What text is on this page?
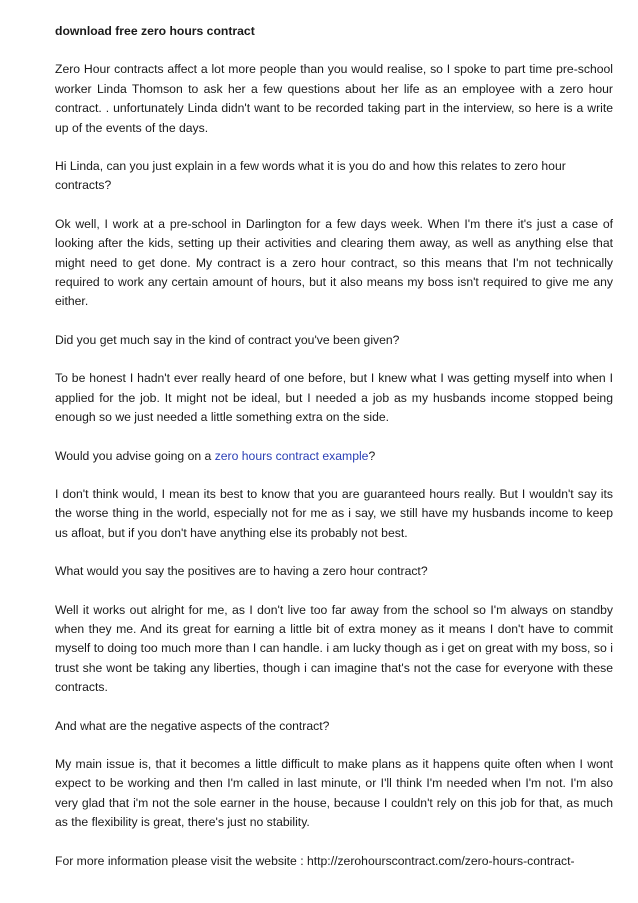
download free zero hours contract

Zero Hour contracts affect a lot more people than you would realise, so I spoke to part time pre-school worker Linda Thomson to ask her a few questions about her life as an employee with a zero hour contract. . unfortunately Linda didn't want to be recorded taking part in the interview, so here is a write up of the events of the days.

Hi Linda, can you just explain in a few words what it is you do and how this relates to zero hour contracts?

Ok well, I work at a pre-school in Darlington for a few days week. When I'm there it's just a case of looking after the kids, setting up their activities and clearing them away, as well as anything else that might need to get done. My contract is a zero hour contract, so this means that I'm not technically required to work any certain amount of hours, but it also means my boss isn't required to give me any either.

Did you get much say in the kind of contract you've been given?

To be honest I hadn't ever really heard of one before, but I knew what I was getting myself into when I applied for the job. It might not be ideal, but I needed a job as my husbands income stopped being enough so we just needed a little something extra on the side.

Would you advise going on a zero hours contract example?

I don't think would, I mean its best to know that you are guaranteed hours really. But I wouldn't say its the worse thing in the world, especially not for me as i say, we still have my husbands income to keep us afloat, but if you don't have anything else its probably not best.

What would you say the positives are to having a zero hour contract?

Well it works out alright for me, as I don't live too far away from the school so I'm always on standby when they me. And its great for earning a little bit of extra money as it means I don't have to commit myself to doing too much more than I can handle. i am lucky though as i get on great with my boss, so i trust she wont be taking any liberties, though i can imagine that's not the case for everyone with these contracts.

And what are the negative aspects of the contract?

My main issue is, that it becomes a little difficult to make plans as it happens quite often when I wont expect to be working and then I'm called in last minute, or I'll think I'm needed when I'm not. I'm also very glad that i'm not the sole earner in the house, because I couldn't rely on this job for that, as much as the flexibility is great, there's just no stability.

For more information please visit the website : http://zerohourscontract.com/zero-hours-contract-
